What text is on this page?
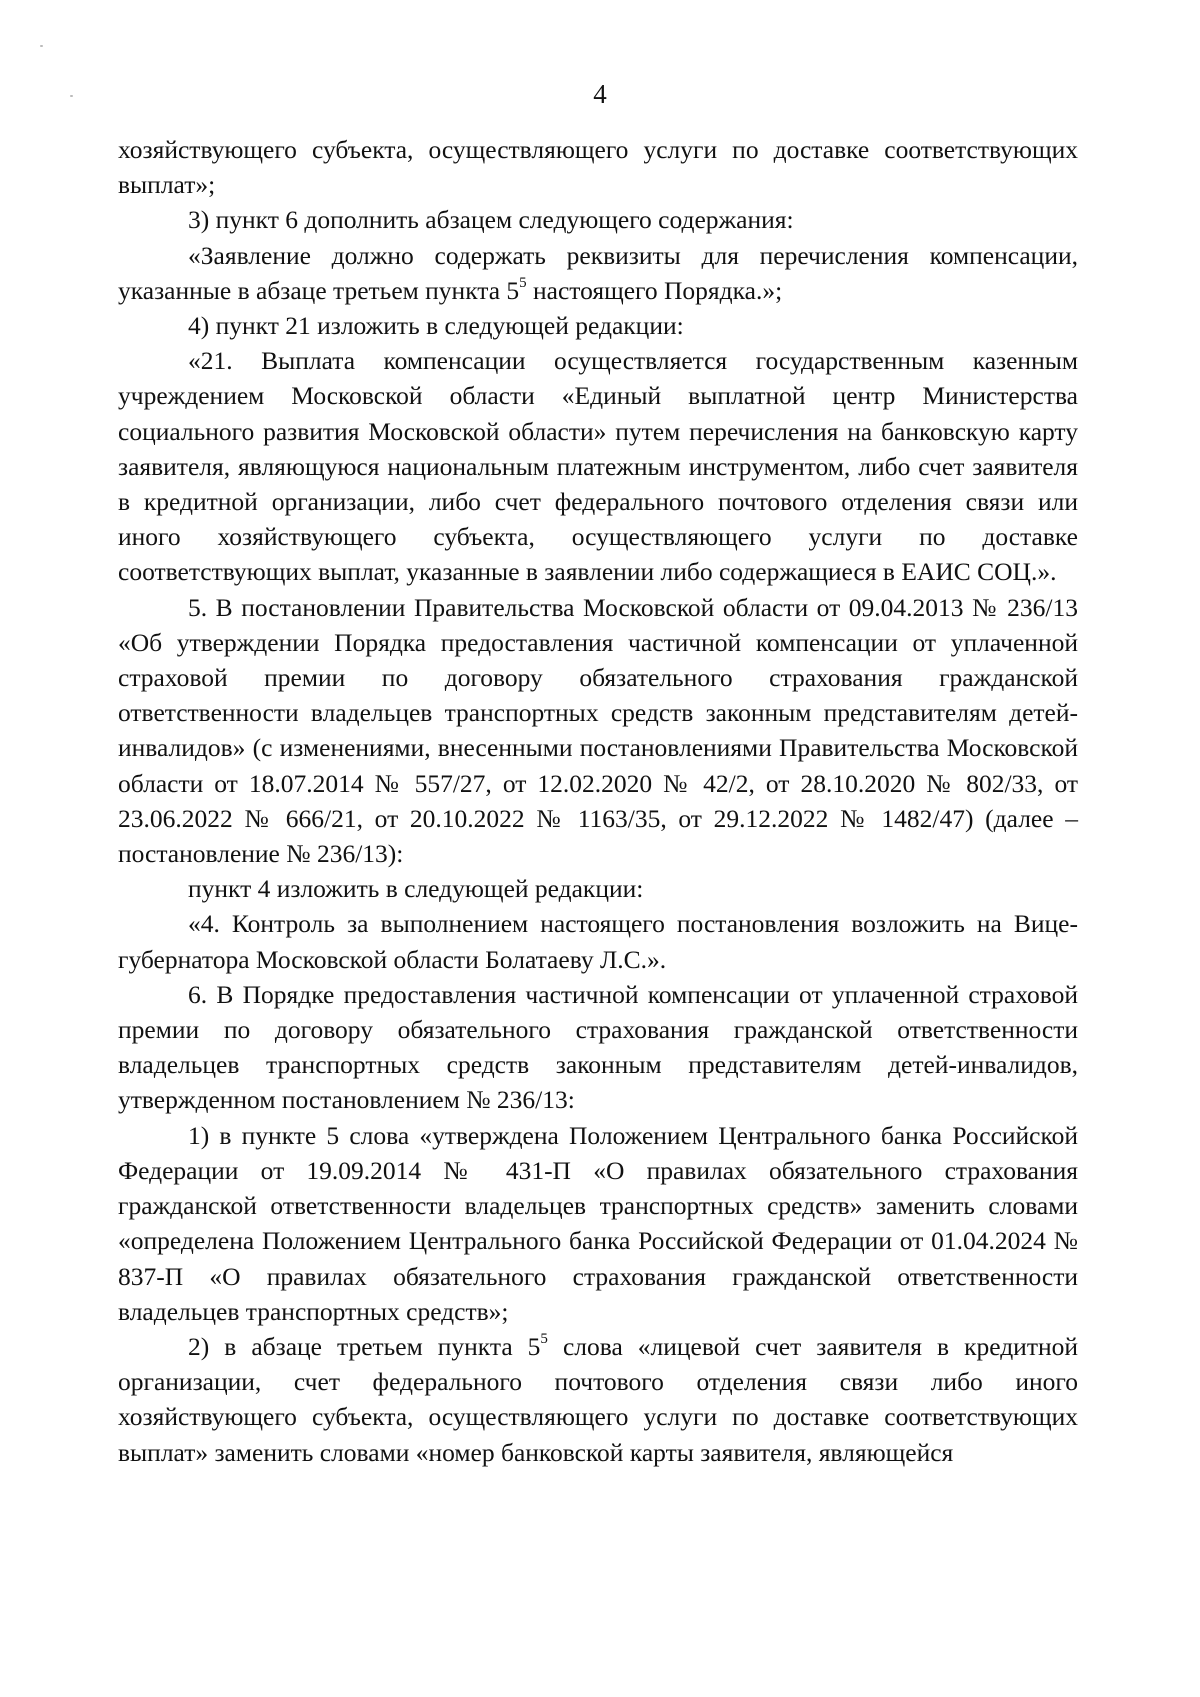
4

хозяйствующего субъекта, осуществляющего услуги по доставке соответствующих выплат»;

3) пункт 6 дополнить абзацем следующего содержания:

«Заявление должно содержать реквизиты для перечисления компенсации, указанные в абзаце третьем пункта $5^5$ настоящего Порядка.»;

4) пункт 21 изложить в следующей редакции:

«21. Выплата компенсации осуществляется государственным казенным учреждением Московской области «Единый выплатной центр Министерства социального развития Московской области» путем перечисления на банковскую карту заявителя, являющуюся национальным платежным инструментом, либо счет заявителя в кредитной организации, либо счет федерального почтового отделения связи или иного хозяйствующего субъекта, осуществляющего услуги по доставке соответствующих выплат, указанные в заявлении либо содержащиеся в ЕАИС СОЦ.».

5. В постановлении Правительства Московской области от 09.04.2013 № 236/13 «Об утверждении Порядка предоставления частичной компенсации от уплаченной страховой премии по договору обязательного страхования гражданской ответственности владельцев транспортных средств законным представителям детей-инвалидов» (с изменениями, внесенными постановлениями Правительства Московской области от 18.07.2014 № 557/27, от 12.02.2020 № 42/2, от 28.10.2020 № 802/33, от 23.06.2022 № 666/21, от 20.10.2022 № 1163/35, от 29.12.2022 № 1482/47) (далее – постановление № 236/13):

пункт 4 изложить в следующей редакции:

«4. Контроль за выполнением настоящего постановления возложить на Вице-губернатора Московской области Болатаеву Л.С.».

6. В Порядке предоставления частичной компенсации от уплаченной страховой премии по договору обязательного страхования гражданской ответственности владельцев транспортных средств законным представителям детей-инвалидов, утвержденном постановлением № 236/13:

1) в пункте 5 слова «утверждена Положением Центрального банка Российской Федерации от 19.09.2014 № 431-П «О правилах обязательного страхования гражданской ответственности владельцев транспортных средств» заменить словами «определена Положением Центрального банка Российской Федерации от 01.04.2024 № 837-П «О правилах обязательного страхования гражданской ответственности владельцев транспортных средств»;

2) в абзаце третьем пункта $5^5$ слова «лицевой счет заявителя в кредитной организации, счет федерального почтового отделения связи либо иного хозяйствующего субъекта, осуществляющего услуги по доставке соответствующих выплат» заменить словами «номер банковской карты заявителя, являющейся
